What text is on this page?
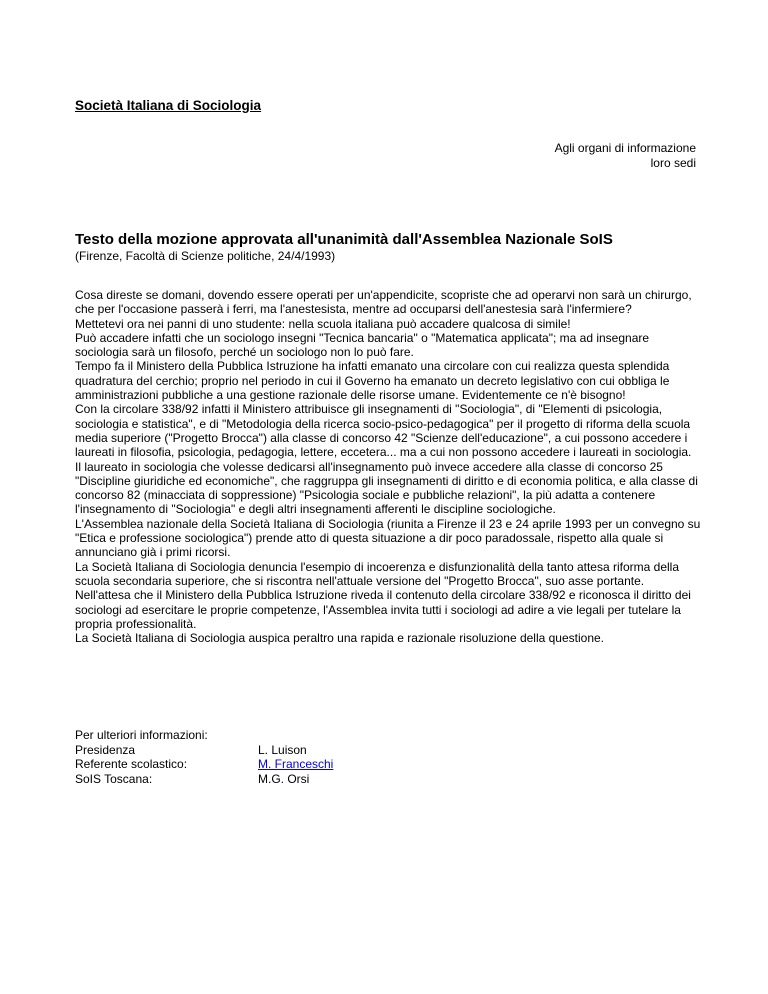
Società Italiana di Sociologia
Agli organi di informazione
loro sedi
Testo della mozione approvata all'unanimità dall'Assemblea Nazionale SoIS
(Firenze, Facoltà di Scienze politiche, 24/4/1993)

Cosa direste se domani, dovendo essere operati per un'appendicite, scopriste che ad operarvi non sarà un chirurgo, che per l'occasione passerà i ferri, ma l'anestesista, mentre ad occuparsi dell'anestesia sarà l'infermiere?

Mettetevi ora nei panni di uno studente: nella scuola italiana può accadere qualcosa di simile!

Può accadere infatti che un sociologo insegni "Tecnica bancaria" o "Matematica applicata"; ma ad insegnare sociologia sarà un filosofo, perché un sociologo non lo può fare.

Tempo fa il Ministero della Pubblica Istruzione ha infatti emanato una circolare con cui realizza questa splendida quadratura del cerchio; proprio nel periodo in cui il Governo ha emanato un decreto legislativo con cui obbliga le amministrazioni pubbliche a una gestione razionale delle risorse umane. Evidentemente ce n'è bisogno!

Con la circolare 338/92 infatti il Ministero attribuisce gli insegnamenti di "Sociologia", di "Elementi di psicologia, sociologia e statistica", e di "Metodologia della ricerca socio-psico-pedagogica" per il progetto di riforma della scuola media superiore ("Progetto Brocca") alla classe di concorso 42 "Scienze dell'educazione", a cui possono accedere i laureati in filosofia, psicologia, pedagogia, lettere, eccetera... ma a cui non possono accedere i laureati in sociologia.

Il laureato in sociologia che volesse dedicarsi all'insegnamento può invece accedere alla classe di concorso 25 "Discipline giuridiche ed economiche", che raggruppa gli insegnamenti di diritto e di economia politica, e alla classe di concorso 82 (minacciata di soppressione) "Psicologia sociale e pubbliche relazioni", la più adatta a contenere l'insegnamento di "Sociologia" e degli altri insegnamenti afferenti le discipline sociologiche.

L'Assemblea nazionale della Società Italiana di Sociologia (riunita a Firenze il 23 e 24 aprile 1993 per un convegno su "Etica e professione sociologica") prende atto di questa situazione a dir poco paradossale, rispetto alla quale si annunciano già i primi ricorsi.

La Società Italiana di Sociologia denuncia l'esempio di incoerenza e disfunzionalità della tanto attesa riforma della scuola secondaria superiore, che si riscontra nell'attuale versione del "Progetto Brocca", suo asse portante.

Nell'attesa che il Ministero della Pubblica Istruzione riveda il contenuto della circolare 338/92 e riconosca il diritto dei sociologi ad esercitare le proprie competenze, l'Assemblea invita tutti i sociologi ad adire a vie legali per tutelare la propria professionalità.

La Società Italiana di Sociologia auspica peraltro una rapida e razionale risoluzione della questione.

Per ulteriori informazioni:
Presidenza	L. Luison
Referente scolastico:	M. Franceschi
SoIS Toscana:	M.G. Orsi
